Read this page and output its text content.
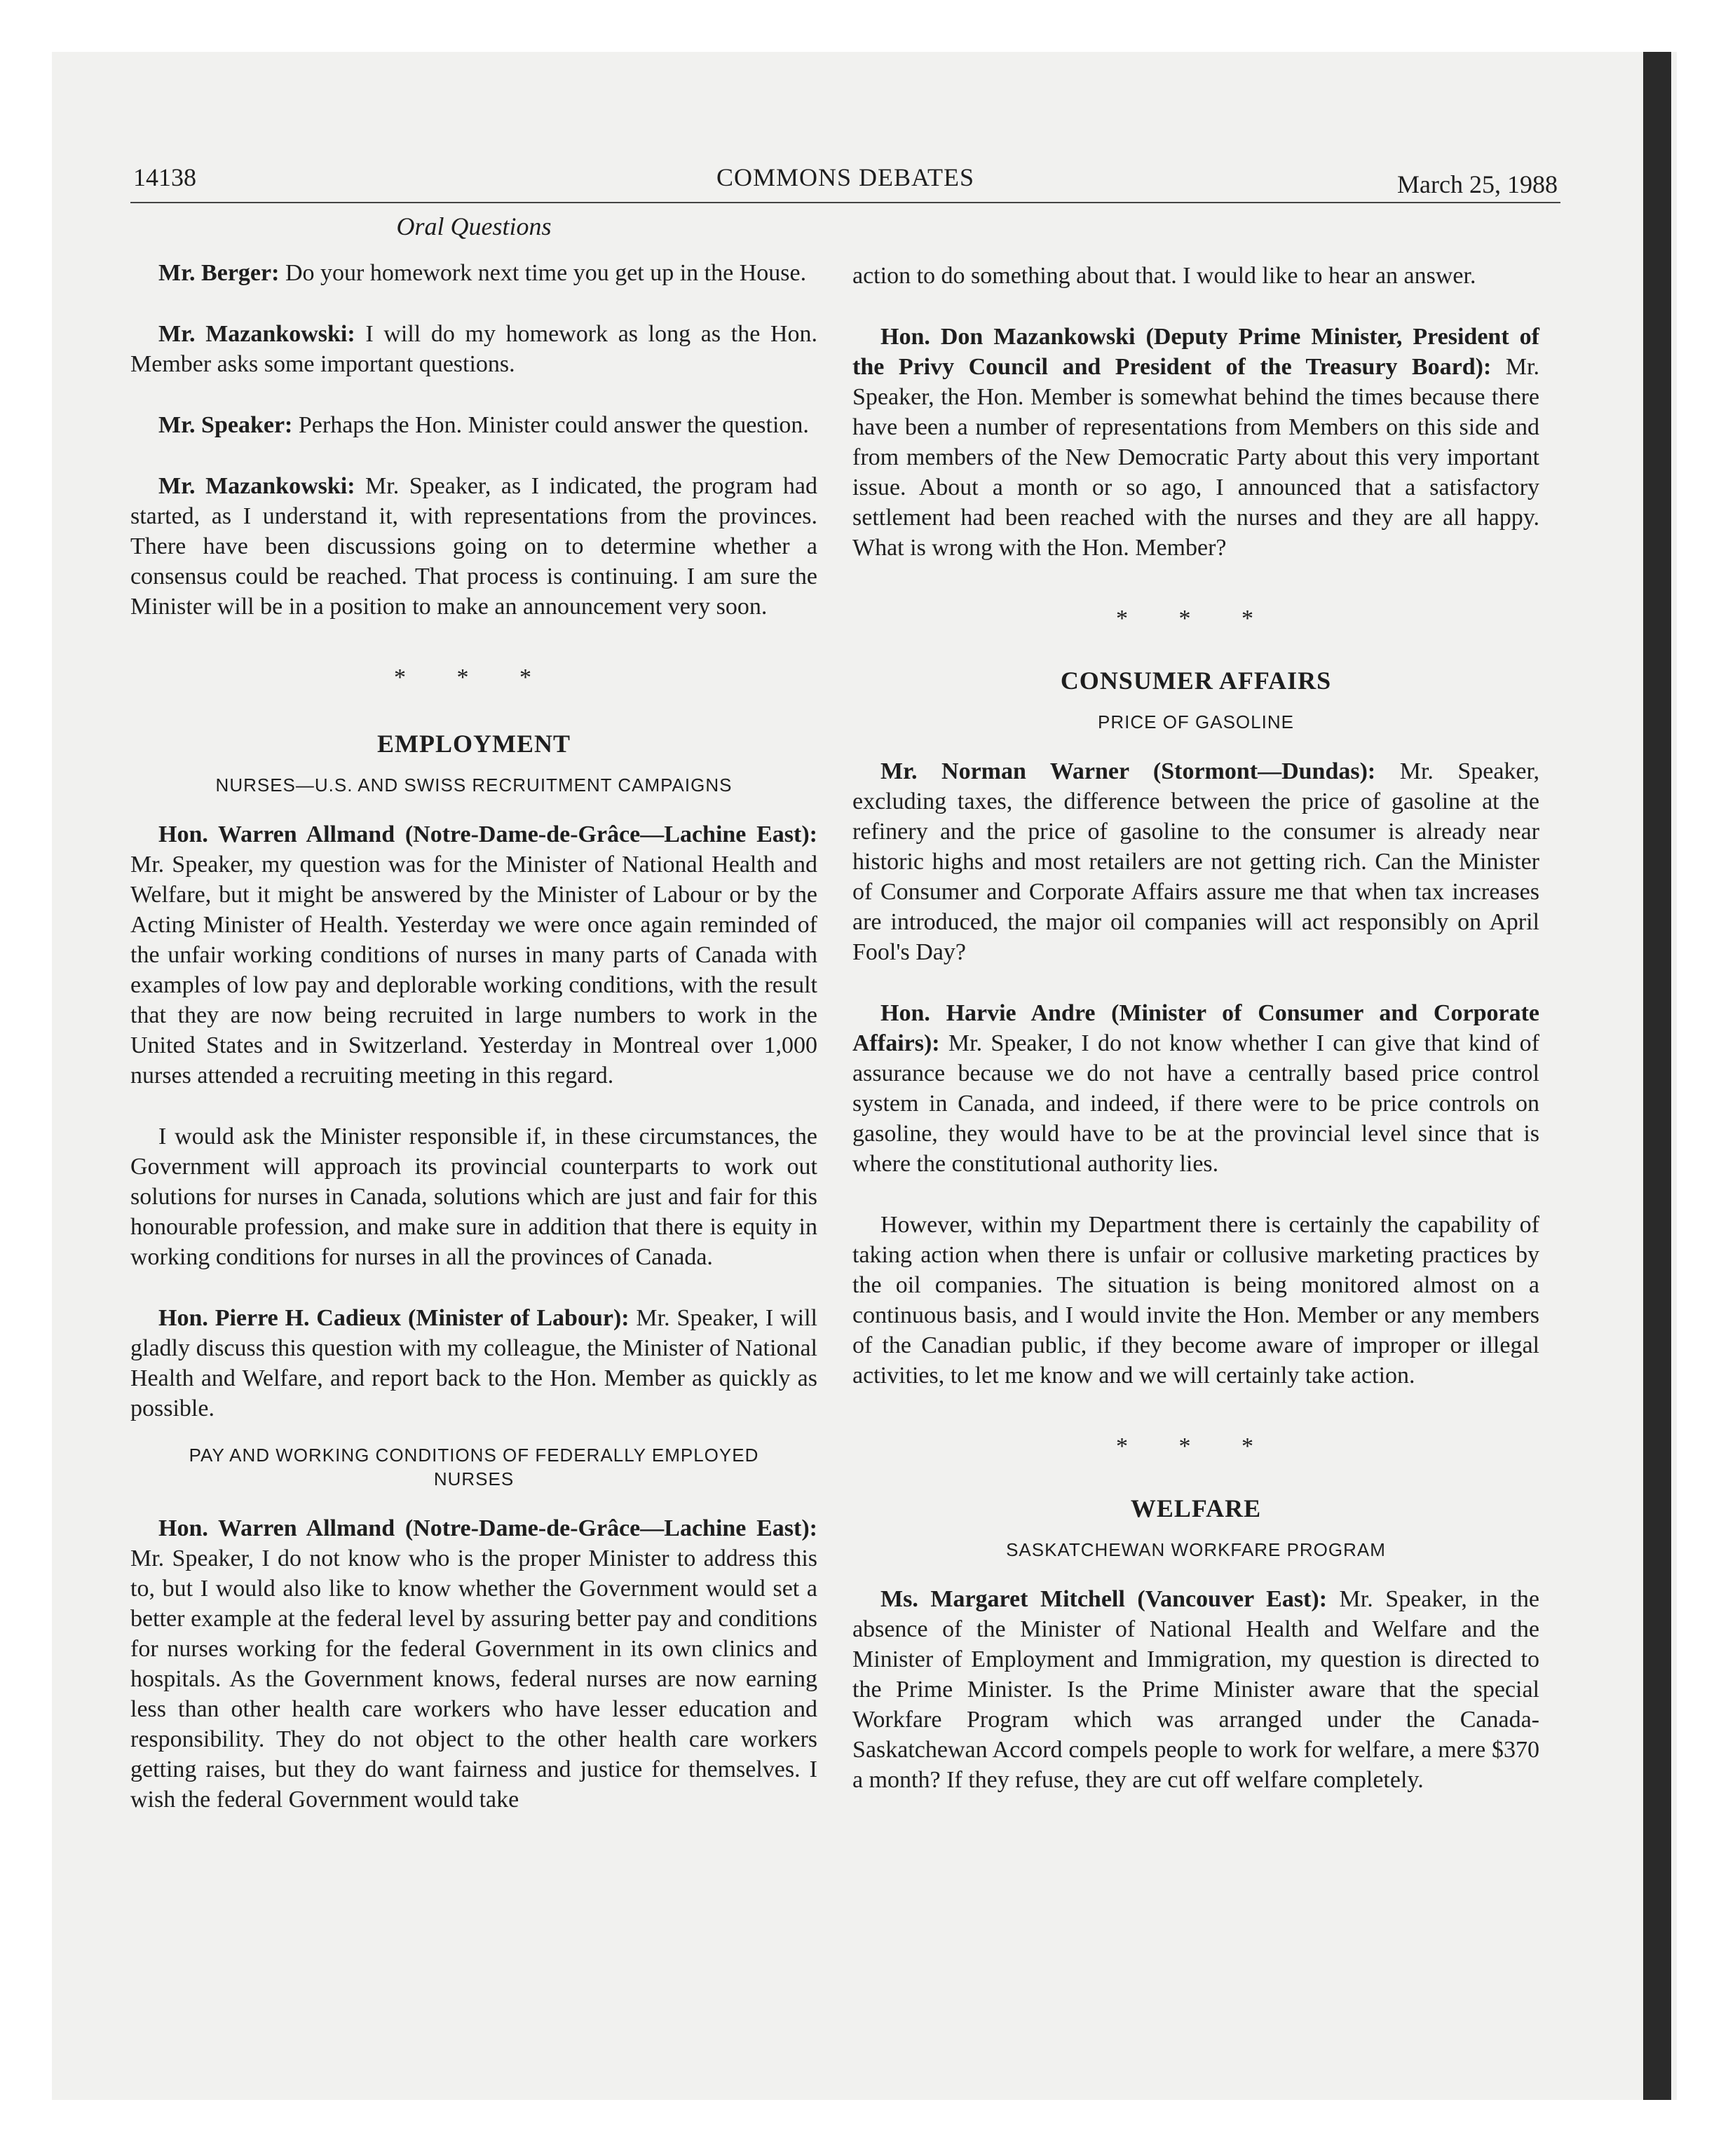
14138	COMMONS DEBATES	March 25, 1988
Oral Questions

Mr. Berger: Do your homework next time you get up in the House.

Mr. Mazankowski: I will do my homework as long as the Hon. Member asks some important questions.

Mr. Speaker: Perhaps the Hon. Minister could answer the question.

Mr. Mazankowski: Mr. Speaker, as I indicated, the program had started, as I understand it, with representations from the provinces. There have been discussions going on to determine whether a consensus could be reached. That process is continuing. I am sure the Minister will be in a position to make an announcement very soon.

* * *

EMPLOYMENT

NURSES—U.S. AND SWISS RECRUITMENT CAMPAIGNS

Hon. Warren Allmand (Notre-Dame-de-Grâce—Lachine East): Mr. Speaker, my question was for the Minister of National Health and Welfare, but it might be answered by the Minister of Labour or by the Acting Minister of Health. Yesterday we were once again reminded of the unfair working conditions of nurses in many parts of Canada with examples of low pay and deplorable working conditions, with the result that they are now being recruited in large numbers to work in the United States and in Switzerland. Yesterday in Montreal over 1,000 nurses attended a recruiting meeting in this regard.

I would ask the Minister responsible if, in these circumstances, the Government will approach its provincial counterparts to work out solutions for nurses in Canada, solutions which are just and fair for this honourable profession, and make sure in addition that there is equity in working conditions for nurses in all the provinces of Canada.

Hon. Pierre H. Cadieux (Minister of Labour): Mr. Speaker, I will gladly discuss this question with my colleague, the Minister of National Health and Welfare, and report back to the Hon. Member as quickly as possible.

PAY AND WORKING CONDITIONS OF FEDERALLY EMPLOYED NURSES

Hon. Warren Allmand (Notre-Dame-de-Grâce—Lachine East): Mr. Speaker, I do not know who is the proper Minister to address this to, but I would also like to know whether the Government would set a better example at the federal level by assuring better pay and conditions for nurses working for the federal Government in its own clinics and hospitals. As the Government knows, federal nurses are now earning less than other health care workers who have lesser education and responsibility. They do not object to the other health care workers getting raises, but they do want fairness and justice for themselves. I wish the federal Government would take

action to do something about that. I would like to hear an answer.

Hon. Don Mazankowski (Deputy Prime Minister, President of the Privy Council and President of the Treasury Board): Mr. Speaker, the Hon. Member is somewhat behind the times because there have been a number of representations from Members on this side and from members of the New Democratic Party about this very important issue. About a month or so ago, I announced that a satisfactory settlement had been reached with the nurses and they are all happy. What is wrong with the Hon. Member?

* * *

CONSUMER AFFAIRS

PRICE OF GASOLINE

Mr. Norman Warner (Stormont—Dundas): Mr. Speaker, excluding taxes, the difference between the price of gasoline at the refinery and the price of gasoline to the consumer is already near historic highs and most retailers are not getting rich. Can the Minister of Consumer and Corporate Affairs assure me that when tax increases are introduced, the major oil companies will act responsibly on April Fool's Day?

Hon. Harvie Andre (Minister of Consumer and Corporate Affairs): Mr. Speaker, I do not know whether I can give that kind of assurance because we do not have a centrally based price control system in Canada, and indeed, if there were to be price controls on gasoline, they would have to be at the provincial level since that is where the constitutional authority lies.

However, within my Department there is certainly the capability of taking action when there is unfair or collusive marketing practices by the oil companies. The situation is being monitored almost on a continuous basis, and I would invite the Hon. Member or any members of the Canadian public, if they become aware of improper or illegal activities, to let me know and we will certainly take action.

* * *

WELFARE

SASKATCHEWAN WORKFARE PROGRAM

Ms. Margaret Mitchell (Vancouver East): Mr. Speaker, in the absence of the Minister of National Health and Welfare and the Minister of Employment and Immigration, my question is directed to the Prime Minister. Is the Prime Minister aware that the special Workfare Program which was arranged under the Canada-Saskatchewan Accord compels people to work for welfare, a mere $370 a month? If they refuse, they are cut off welfare completely.
